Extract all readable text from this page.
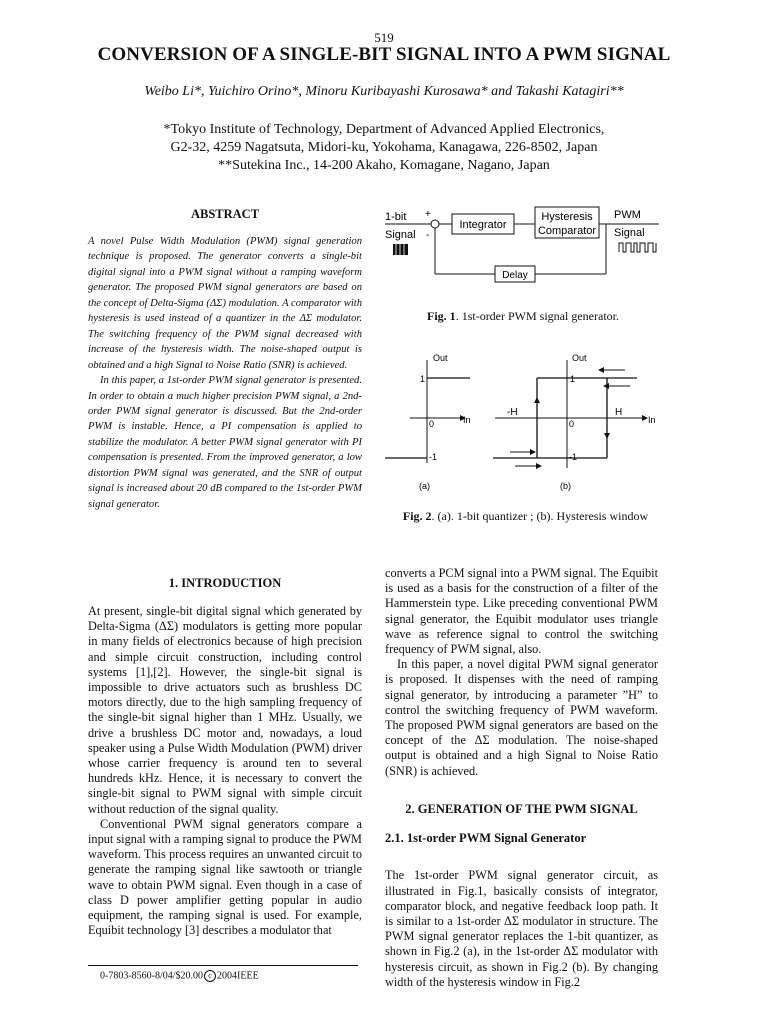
519
CONVERSION OF A SINGLE-BIT SIGNAL INTO A PWM SIGNAL
Weibo Li*, Yuichiro Orino*, Minoru Kuribayashi Kurosawa* and Takashi Katagiri**
*Tokyo Institute of Technology, Department of Advanced Applied Electronics,
G2-32, 4259 Nagatsuta, Midori-ku, Yokohama, Kanagawa, 226-8502, Japan
**Sutekina Inc., 14-200 Akaho, Komagane, Nagano, Japan
ABSTRACT

A novel Pulse Width Modulation (PWM) signal generation technique is proposed. The generator converts a single-bit digital signal into a PWM signal without a ramping waveform generator. The proposed PWM signal generators are based on the concept of Delta-Sigma (ΔΣ) modulation. A comparator with hysteresis is used instead of a quantizer in the ΔΣ modulator. The switching frequency of the PWM signal decreased with increase of the hysteresis width. The noise-shaped output is obtained and a high Signal to Noise Ratio (SNR) is achieved.

In this paper, a 1st-order PWM signal generator is presented. In order to obtain a much higher precision PWM signal, a 2nd-order PWM signal generator is discussed. But the 2nd-order PWM is instable. Hence, a PI compensation is applied to stabilize the modulator. A better PWM signal generator with PI compensation is presented. From the improved generator, a low distortion PWM signal was generated, and the SNR of output signal is increased about 20 dB compared to the 1st-order PWM signal generator.

1. INTRODUCTION

At present, single-bit digital signal which generated by Delta-Sigma (ΔΣ) modulators is getting more popular in many fields of electronics because of high precision and simple circuit construction, including control systems [1],[2]. However, the single-bit signal is impossible to drive actuators such as brushless DC motors directly, due to the high sampling frequency of the single-bit signal higher than 1 MHz. Usually, we drive a brushless DC motor and, nowadays, a loud speaker using a Pulse Width Modulation (PWM) driver whose carrier frequency is around ten to several hundreds kHz. Hence, it is necessary to convert the single-bit signal to PWM signal with simple circuit without reduction of the signal quality.

Conventional PWM signal generators compare a input signal with a ramping signal to produce the PWM waveform. This process requires an unwanted circuit to generate the ramping signal like sawtooth or triangle wave to obtain PWM signal. Even though in a case of class D power amplifier getting popular in audio equipment, the ramping signal is used. For example, Equibit technology [3] describes a modulator that

0-7803-8560-8/04/$20.00 c 2004IEEE
1-bit
Signal
+
-
Integrator
Hysteresis
Comparator
PWM
Signal
Delay
Fig. 1. 1st-order PWM signal generator.
Out
In
1
0
-1
(a)
Out
In
1
0
-1
-H	H
(b)
Fig. 2. (a). 1-bit quantizer ; (b). Hysteresis window

converts a PCM signal into a PWM signal. The Equibit is used as a basis for the construction of a filter of the Hammerstein type. Like preceding conventional PWM signal generator, the Equibit modulator uses triangle wave as reference signal to control the switching frequency of PWM signal, also.

In this paper, a novel digital PWM signal generator is proposed. It dispenses with the need of ramping signal generator, by introducing a parameter ”H” to control the switching frequency of PWM waveform. The proposed PWM signal generators are based on the concept of the ΔΣ modulation. The noise-shaped output is obtained and a high Signal to Noise Ratio (SNR) is achieved.

2. GENERATION OF THE PWM SIGNAL
2.1. 1st-order PWM Signal Generator

The 1st-order PWM signal generator circuit, as illustrated in Fig.1, basically consists of integrator, comparator block, and negative feedback loop path. It is similar to a 1st-order ΔΣ modulator in structure. The PWM signal generator replaces the 1-bit quantizer, as shown in Fig.2 (a), in the 1st-order ΔΣ modulator with hysteresis circuit, as shown in Fig.2 (b). By changing width of the hysteresis window in Fig.2
